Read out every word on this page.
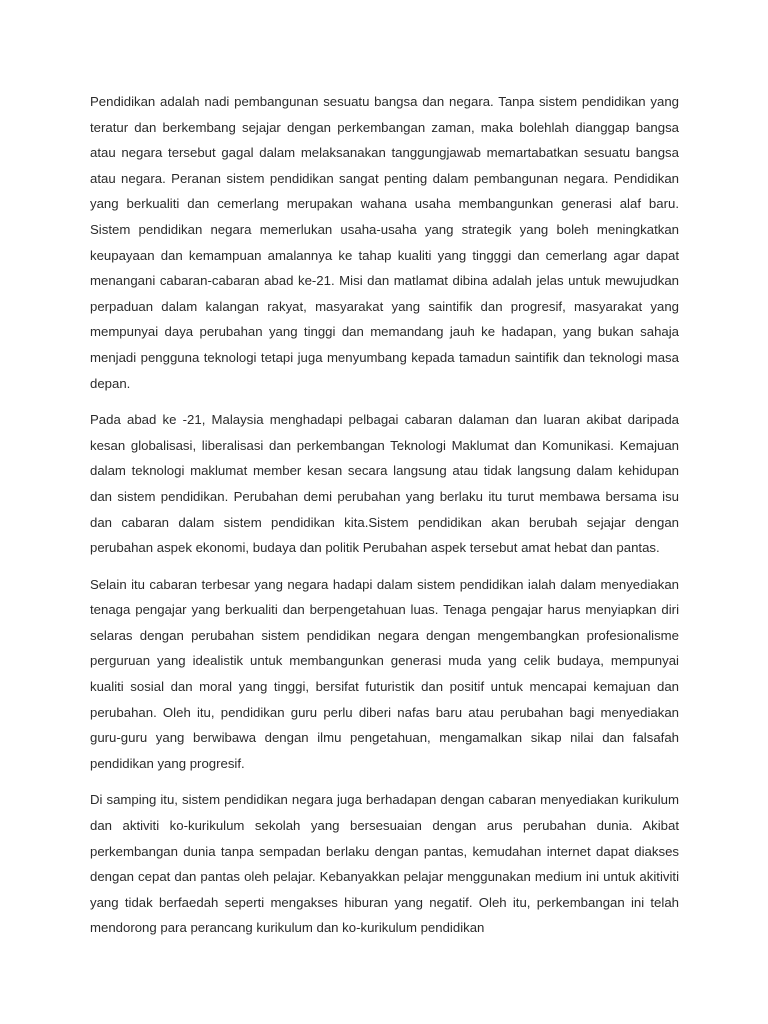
Pendidikan adalah nadi pembangunan sesuatu bangsa dan negara. Tanpa sistem pendidikan yang teratur dan berkembang sejajar dengan perkembangan zaman, maka bolehlah dianggap bangsa atau negara tersebut gagal dalam melaksanakan tanggungjawab memartabatkan sesuatu bangsa atau negara. Peranan sistem pendidikan sangat penting dalam pembangunan negara. Pendidikan yang berkualiti dan cemerlang merupakan wahana usaha membangunkan generasi alaf baru. Sistem pendidikan negara memerlukan usaha-usaha yang strategik yang boleh meningkatkan keupayaan dan kemampuan amalannya ke tahap kualiti yang tingggi dan cemerlang agar dapat menangani cabaran-cabaran abad ke-21. Misi dan matlamat dibina adalah jelas untuk mewujudkan perpaduan dalam kalangan rakyat, masyarakat yang saintifik dan progresif, masyarakat yang mempunyai daya perubahan yang tinggi dan memandang jauh ke hadapan, yang bukan sahaja menjadi pengguna teknologi tetapi juga menyumbang kepada tamadun saintifik dan teknologi masa depan.

Pada abad ke -21, Malaysia menghadapi pelbagai cabaran dalaman dan luaran akibat daripada kesan globalisasi, liberalisasi dan perkembangan Teknologi Maklumat dan Komunikasi. Kemajuan dalam teknologi maklumat member kesan secara langsung atau tidak langsung dalam kehidupan dan sistem pendidikan. Perubahan demi perubahan yang berlaku itu turut membawa bersama isu dan cabaran dalam sistem pendidikan kita.Sistem pendidikan akan berubah sejajar dengan perubahan aspek ekonomi, budaya dan politik Perubahan aspek tersebut amat hebat dan pantas.

Selain itu cabaran terbesar yang negara hadapi dalam sistem pendidikan ialah dalam menyediakan tenaga pengajar yang berkualiti dan berpengetahuan luas. Tenaga pengajar harus menyiapkan diri selaras dengan perubahan sistem pendidikan negara dengan mengembangkan profesionalisme perguruan yang idealistik untuk membangunkan generasi muda yang celik budaya, mempunyai kualiti sosial dan moral yang tinggi, bersifat futuristik dan positif untuk mencapai kemajuan dan perubahan. Oleh itu, pendidikan guru perlu diberi nafas baru atau perubahan bagi menyediakan guru-guru yang berwibawa dengan ilmu pengetahuan, mengamalkan sikap nilai dan falsafah pendidikan yang progresif.

Di samping itu, sistem pendidikan negara juga berhadapan dengan cabaran menyediakan kurikulum dan aktiviti ko-kurikulum sekolah yang bersesuaian dengan arus perubahan dunia. Akibat perkembangan dunia tanpa sempadan berlaku dengan pantas, kemudahan internet dapat diakses dengan cepat dan pantas oleh pelajar. Kebanyakkan pelajar menggunakan medium ini untuk akitiviti yang tidak berfaedah seperti mengakses hiburan yang negatif. Oleh itu, perkembangan ini telah mendorong para perancang kurikulum dan ko-kurikulum pendidikan
